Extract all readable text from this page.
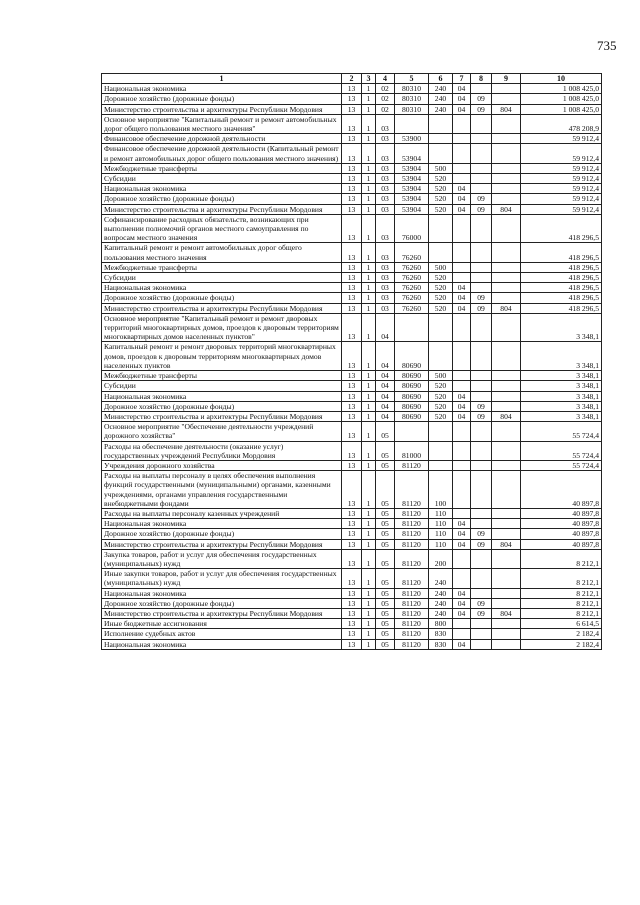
735
1	2	3	4	5	6	7	8	9	10
Национальная экономика	13	1	02	80310	240	04			1 008 425,0
Дорожное хозяйство (дорожные фонды)	13	1	02	80310	240	04	09		1 008 425,0
Министерство строительства и архитектуры Республики Мордовия	13	1	02	80310	240	04	09	804	1 008 425,0
Основное мероприятие "Капитальный ремонт и ремонт автомобильных дорог общего пользования местного значения"	13	1	03						478 208,9
Финансовое обеспечение дорожной деятельности	13	1	03	53900					59 912,4
Финансовое обеспечение дорожной деятельности (Капитальный ремонт и ремонт автомобильных дорог общего пользования местного значения)	13	1	03	53904					59 912,4
Межбюджетные трансферты	13	1	03	53904	500				59 912,4
Субсидии	13	1	03	53904	520				59 912,4
Национальная экономика	13	1	03	53904	520	04			59 912,4
Дорожное хозяйство (дорожные фонды)	13	1	03	53904	520	04	09		59 912,4
Министерство строительства и архитектуры Республики Мордовия	13	1	03	53904	520	04	09	804	59 912,4
Софинансирование расходных обязательств, возникающих при выполнении полномочий органов местного самоуправления по вопросам местного значения	13	1	03	76000					418 296,5
Капитальный ремонт и ремонт автомобильных дорог общего пользования местного значения	13	1	03	76260					418 296,5
Межбюджетные трансферты	13	1	03	76260	500				418 296,5
Субсидии	13	1	03	76260	520				418 296,5
Национальная экономика	13	1	03	76260	520	04			418 296,5
Дорожное хозяйство (дорожные фонды)	13	1	03	76260	520	04	09		418 296,5
Министерство строительства и архитектуры Республики Мордовия	13	1	03	76260	520	04	09	804	418 296,5
Основное мероприятие "Капитальный ремонт и ремонт дворовых территорий многоквартирных домов, проездов к дворовым территориям многоквартирных домов населенных пунктов"	13	1	04						3 348,1
Капитальный ремонт и ремонт дворовых территорий многоквартирных домов, проездов к дворовым территориям многоквартирных домов населенных пунктов	13	1	04	80690					3 348,1
Межбюджетные трансферты	13	1	04	80690	500				3 348,1
Субсидии	13	1	04	80690	520				3 348,1
Национальная экономика	13	1	04	80690	520	04			3 348,1
Дорожное хозяйство (дорожные фонды)	13	1	04	80690	520	04	09		3 348,1
Министерство строительства и архитектуры Республики Мордовия	13	1	04	80690	520	04	09	804	3 348,1
Основное мероприятие "Обеспечение деятельности учреждений дорожного хозяйства"	13	1	05						55 724,4
Расходы на обеспечение деятельности (оказание услуг) государственных учреждений Республики Мордовия	13	1	05	81000					55 724,4
Учреждения дорожного хозяйства	13	1	05	81120					55 724,4
Расходы на выплаты персоналу в целях обеспечения выполнения функций государственными (муниципальными) органами, казенными учреждениями, органами управления государственными внебюджетными фондами	13	1	05	81120	100				40 897,8
Расходы на выплаты персоналу казенных учреждений	13	1	05	81120	110				40 897,8
Национальная экономика	13	1	05	81120	110	04			40 897,8
Дорожное хозяйство (дорожные фонды)	13	1	05	81120	110	04	09		40 897,8
Министерство строительства и архитектуры Республики Мордовия	13	1	05	81120	110	04	09	804	40 897,8
Закупка товаров, работ и услуг для обеспечения государственных (муниципальных) нужд	13	1	05	81120	200				8 212,1
Иные закупки товаров, работ и услуг для обеспечения государственных (муниципальных) нужд	13	1	05	81120	240				8 212,1
Национальная экономика	13	1	05	81120	240	04			8 212,1
Дорожное хозяйство (дорожные фонды)	13	1	05	81120	240	04	09		8 212,1
Министерство строительства и архитектуры Республики Мордовия	13	1	05	81120	240	04	09	804	8 212,1
Иные бюджетные ассигнования	13	1	05	81120	800				6 614,5
Исполнение судебных актов	13	1	05	81120	830				2 182,4
Национальная экономика	13	1	05	81120	830	04			2 182,4
